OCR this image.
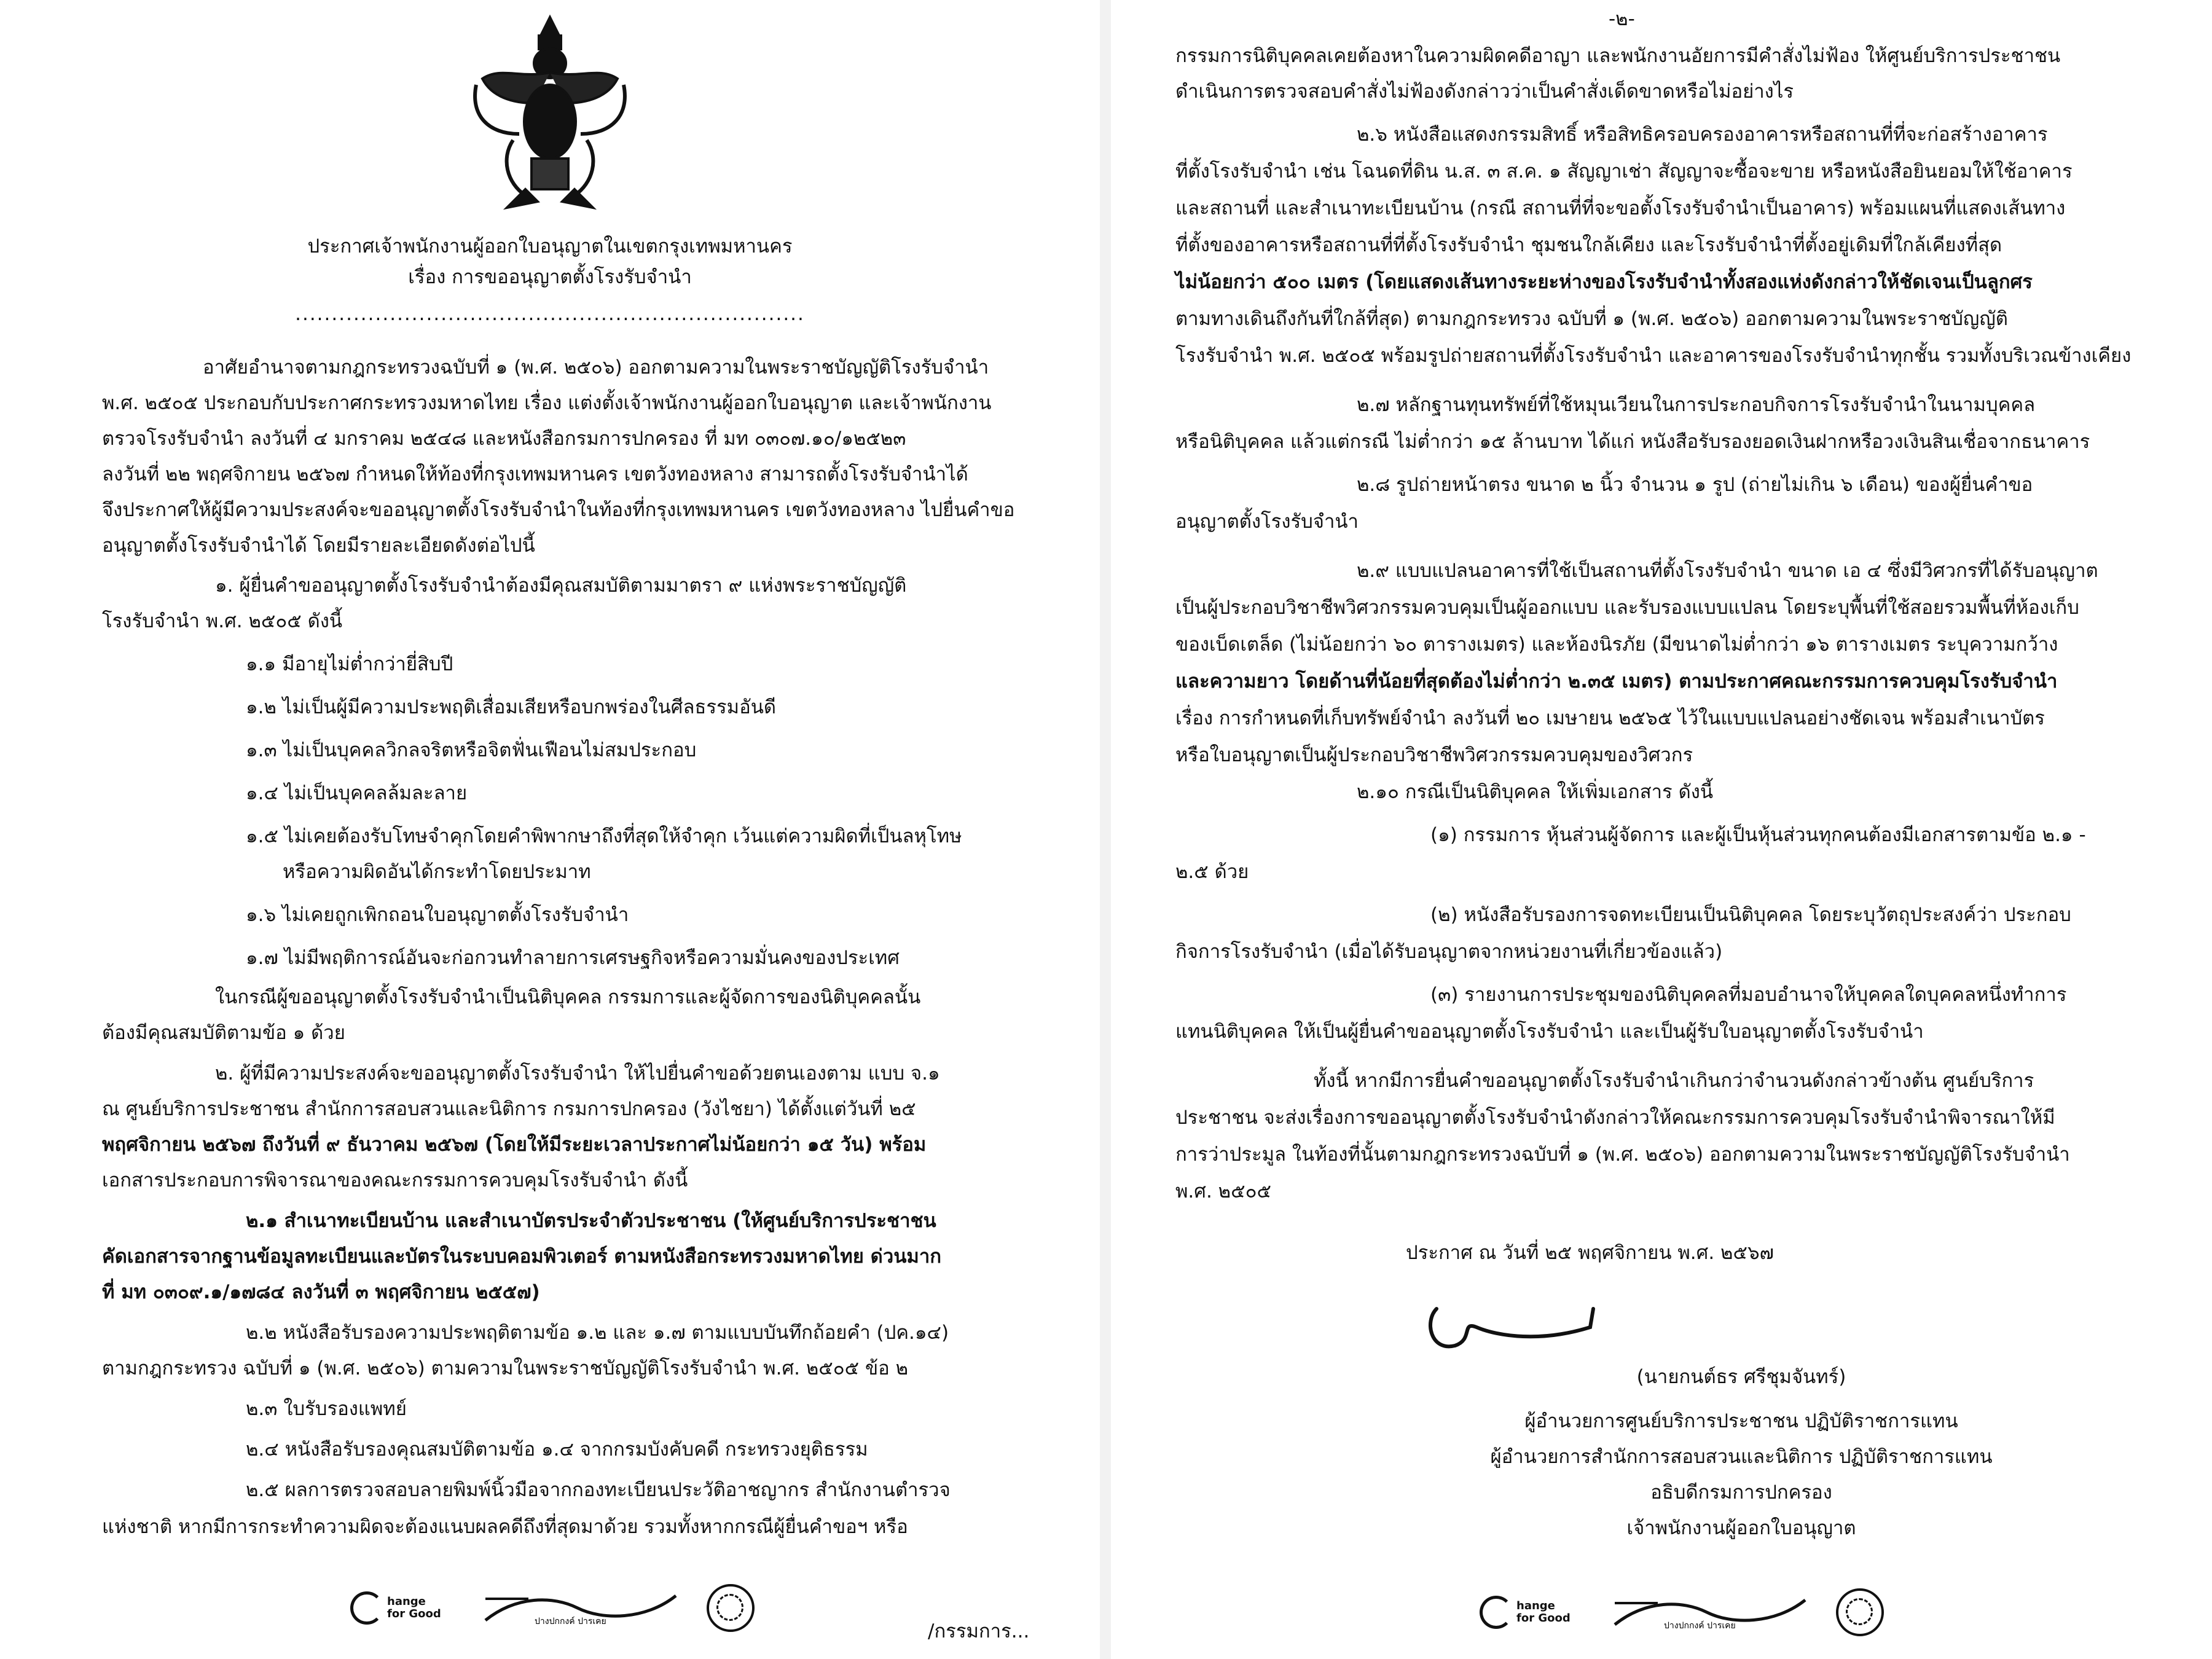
ประกาศเจ้าพนักงานผู้ออกใบอนุญาตในเขตกรุงเทพมหานคร
เรื่อง การขออนุญาตตั้งโรงรับจำนำ
......................................................................
อาศัยอำนาจตามกฎกระทรวงฉบับที่ ๑ (พ.ศ. ๒๕๐๖) ออกตามความในพระราชบัญญัติโรงรับจำนำ
พ.ศ. ๒๕๐๕ ประกอบกับประกาศกระทรวงมหาดไทย เรื่อง แต่งตั้งเจ้าพนักงานผู้ออกใบอนุญาต และเจ้าพนักงาน
ตรวจโรงรับจำนำ ลงวันที่ ๔ มกราคม ๒๕๔๘ และหนังสือกรมการปกครอง ที่ มท ๐๓๐๗.๑๐/๑๒๕๒๓
ลงวันที่ ๒๒ พฤศจิกายน ๒๕๖๗ กำหนดให้ท้องที่กรุงเทพมหานคร เขตวังทองหลาง สามารถตั้งโรงรับจำนำได้
จึงประกาศให้ผู้มีความประสงค์จะขออนุญาตตั้งโรงรับจำนำในท้องที่กรุงเทพมหานคร เขตวังทองหลาง ไปยื่นคำขอ
อนุญาตตั้งโรงรับจำนำได้ โดยมีรายละเอียดดังต่อไปนี้
๑. ผู้ยื่นคำขออนุญาตตั้งโรงรับจำนำต้องมีคุณสมบัติตามมาตรา ๙ แห่งพระราชบัญญัติ
โรงรับจำนำ พ.ศ. ๒๕๐๕ ดังนี้
๑.๑ มีอายุไม่ต่ำกว่ายี่สิบปี
๑.๒ ไม่เป็นผู้มีความประพฤติเสื่อมเสียหรือบกพร่องในศีลธรรมอันดี
๑.๓ ไม่เป็นบุคคลวิกลจริตหรือจิตฟั่นเฟือนไม่สมประกอบ
๑.๔ ไม่เป็นบุคคลล้มละลาย
๑.๕ ไม่เคยต้องรับโทษจำคุกโดยคำพิพากษาถึงที่สุดให้จำคุก เว้นแต่ความผิดที่เป็นลหุโทษ
หรือความผิดอันได้กระทำโดยประมาท
๑.๖ ไม่เคยถูกเพิกถอนใบอนุญาตตั้งโรงรับจำนำ
๑.๗ ไม่มีพฤติการณ์อันจะก่อกวนทำลายการเศรษฐกิจหรือความมั่นคงของประเทศ
ในกรณีผู้ขออนุญาตตั้งโรงรับจำนำเป็นนิติบุคคล กรรมการและผู้จัดการของนิติบุคคลนั้น
ต้องมีคุณสมบัติตามข้อ ๑ ด้วย
๒. ผู้ที่มีความประสงค์จะขออนุญาตตั้งโรงรับจำนำ ให้ไปยื่นคำขอด้วยตนเองตาม แบบ จ.๑
ณ ศูนย์บริการประชาชน สำนักการสอบสวนและนิติการ กรมการปกครอง (วังไชยา) ได้ตั้งแต่วันที่ ๒๕
พฤศจิกายน ๒๕๖๗ ถึงวันที่ ๙ ธันวาคม ๒๕๖๗ (โดยให้มีระยะเวลาประกาศไม่น้อยกว่า ๑๕ วัน) พร้อม
เอกสารประกอบการพิจารณาของคณะกรรมการควบคุมโรงรับจำนำ ดังนี้
๒.๑ สำเนาทะเบียนบ้าน และสำเนาบัตรประจำตัวประชาชน (ให้ศูนย์บริการประชาชน
คัดเอกสารจากฐานข้อมูลทะเบียนและบัตรในระบบคอมพิวเตอร์ ตามหนังสือกระทรวงมหาดไทย ด่วนมาก
ที่ มท ๐๓๐๙.๑/๑๗๘๔ ลงวันที่ ๓ พฤศจิกายน ๒๕๕๗)
๒.๒ หนังสือรับรองความประพฤติตามข้อ ๑.๒ และ ๑.๗ ตามแบบบันทึกถ้อยคำ (ปค.๑๔)
ตามกฎกระทรวง ฉบับที่ ๑ (พ.ศ. ๒๕๐๖) ตามความในพระราชบัญญัติโรงรับจำนำ พ.ศ. ๒๕๐๕ ข้อ ๒
๒.๓ ใบรับรองแพทย์
๒.๔ หนังสือรับรองคุณสมบัติตามข้อ ๑.๔ จากกรมบังคับคดี กระทรวงยุติธรรม
๒.๕ ผลการตรวจสอบลายพิมพ์นิ้วมือจากกองทะเบียนประวัติอาชญากร สำนักงานตำรวจ
แห่งชาติ หากมีการกระทำความผิดจะต้องแนบผลคดีถึงที่สุดมาด้วย รวมทั้งหากกรณีผู้ยื่นคำขอฯ หรือ
hange
for Good
ปางปกกงค์ ปารเคย	/กรรมการ...
-๒-
กรรมการนิติบุคคลเคยต้องหาในความผิดคดีอาญา และพนักงานอัยการมีคำสั่งไม่ฟ้อง ให้ศูนย์บริการประชาชน
ดำเนินการตรวจสอบคำสั่งไม่ฟ้องดังกล่าวว่าเป็นคำสั่งเด็ดขาดหรือไม่อย่างไร
๒.๖ หนังสือแสดงกรรมสิทธิ์ หรือสิทธิครอบครองอาคารหรือสถานที่ที่จะก่อสร้างอาคาร
ที่ตั้งโรงรับจำนำ เช่น โฉนดที่ดิน น.ส. ๓ ส.ค. ๑ สัญญาเช่า สัญญาจะซื้อจะขาย หรือหนังสือยินยอมให้ใช้อาคาร
และสถานที่ และสำเนาทะเบียนบ้าน (กรณี สถานที่ที่จะขอตั้งโรงรับจำนำเป็นอาคาร) พร้อมแผนที่แสดงเส้นทาง
ที่ตั้งของอาคารหรือสถานที่ที่ตั้งโรงรับจำนำ ชุมชนใกล้เคียง และโรงรับจำนำที่ตั้งอยู่เดิมที่ใกล้เคียงที่สุด
ไม่น้อยกว่า ๕๐๐ เมตร (โดยแสดงเส้นทางระยะห่างของโรงรับจำนำทั้งสองแห่งดังกล่าวให้ชัดเจนเป็นลูกศร
ตามทางเดินถึงกันที่ใกล้ที่สุด) ตามกฎกระทรวง ฉบับที่ ๑ (พ.ศ. ๒๕๐๖) ออกตามความในพระราชบัญญัติ
โรงรับจำนำ พ.ศ. ๒๕๐๕ พร้อมรูปถ่ายสถานที่ตั้งโรงรับจำนำ และอาคารของโรงรับจำนำทุกชั้น รวมทั้งบริเวณข้างเคียง
๒.๗ หลักฐานทุนทรัพย์ที่ใช้หมุนเวียนในการประกอบกิจการโรงรับจำนำในนามบุคคล
หรือนิติบุคคล แล้วแต่กรณี ไม่ต่ำกว่า ๑๕ ล้านบาท ได้แก่ หนังสือรับรองยอดเงินฝากหรือวงเงินสินเชื่อจากธนาคาร
๒.๘ รูปถ่ายหน้าตรง ขนาด ๒ นิ้ว จำนวน ๑ รูป (ถ่ายไม่เกิน ๖ เดือน) ของผู้ยื่นคำขอ
อนุญาตตั้งโรงรับจำนำ
๒.๙ แบบแปลนอาคารที่ใช้เป็นสถานที่ตั้งโรงรับจำนำ ขนาด เอ ๔ ซึ่งมีวิศวกรที่ได้รับอนุญาต
เป็นผู้ประกอบวิชาชีพวิศวกรรมควบคุมเป็นผู้ออกแบบ และรับรองแบบแปลน โดยระบุพื้นที่ใช้สอยรวมพื้นที่ห้องเก็บ
ของเบ็ดเตล็ด (ไม่น้อยกว่า ๖๐ ตารางเมตร) และห้องนิรภัย (มีขนาดไม่ต่ำกว่า ๑๖ ตารางเมตร ระบุความกว้าง
และความยาว โดยด้านที่น้อยที่สุดต้องไม่ต่ำกว่า ๒.๓๕ เมตร) ตามประกาศคณะกรรมการควบคุมโรงรับจำนำ
เรื่อง การกำหนดที่เก็บทรัพย์จำนำ ลงวันที่ ๒๐ เมษายน ๒๕๖๕ ไว้ในแบบแปลนอย่างชัดเจน พร้อมสำเนาบัตร
หรือใบอนุญาตเป็นผู้ประกอบวิชาชีพวิศวกรรมควบคุมของวิศวกร
๒.๑๐ กรณีเป็นนิติบุคคล ให้เพิ่มเอกสาร ดังนี้
(๑) กรรมการ หุ้นส่วนผู้จัดการ และผู้เป็นหุ้นส่วนทุกคนต้องมีเอกสารตามข้อ ๒.๑ -
๒.๕ ด้วย
(๒) หนังสือรับรองการจดทะเบียนเป็นนิติบุคคล โดยระบุวัตถุประสงค์ว่า ประกอบ
กิจการโรงรับจำนำ (เมื่อได้รับอนุญาตจากหน่วยงานที่เกี่ยวข้องแล้ว)
(๓) รายงานการประชุมของนิติบุคคลที่มอบอำนาจให้บุคคลใดบุคคลหนึ่งทำการ
แทนนิติบุคคล ให้เป็นผู้ยื่นคำขออนุญาตตั้งโรงรับจำนำ และเป็นผู้รับใบอนุญาตตั้งโรงรับจำนำ
ทั้งนี้ หากมีการยื่นคำขออนุญาตตั้งโรงรับจำนำเกินกว่าจำนวนดังกล่าวข้างต้น ศูนย์บริการ
ประชาชน จะส่งเรื่องการขออนุญาตตั้งโรงรับจำนำดังกล่าวให้คณะกรรมการควบคุมโรงรับจำนำพิจารณาให้มี
การว่าประมูล ในท้องที่นั้นตามกฎกระทรวงฉบับที่ ๑ (พ.ศ. ๒๕๐๖) ออกตามความในพระราชบัญญัติโรงรับจำนำ
พ.ศ. ๒๕๐๕
ประกาศ ณ วันที่ ๒๕ พฤศจิกายน พ.ศ. ๒๕๖๗
(นายกนต์ธร ศรีชุมจันทร์)
ผู้อำนวยการศูนย์บริการประชาชน ปฏิบัติราชการแทน
ผู้อำนวยการสำนักการสอบสวนและนิติการ ปฏิบัติราชการแทน
อธิบดีกรมการปกครอง
เจ้าพนักงานผู้ออกใบอนุญาต
hange
for Good
ปางปกกงค์ ปารเคย
